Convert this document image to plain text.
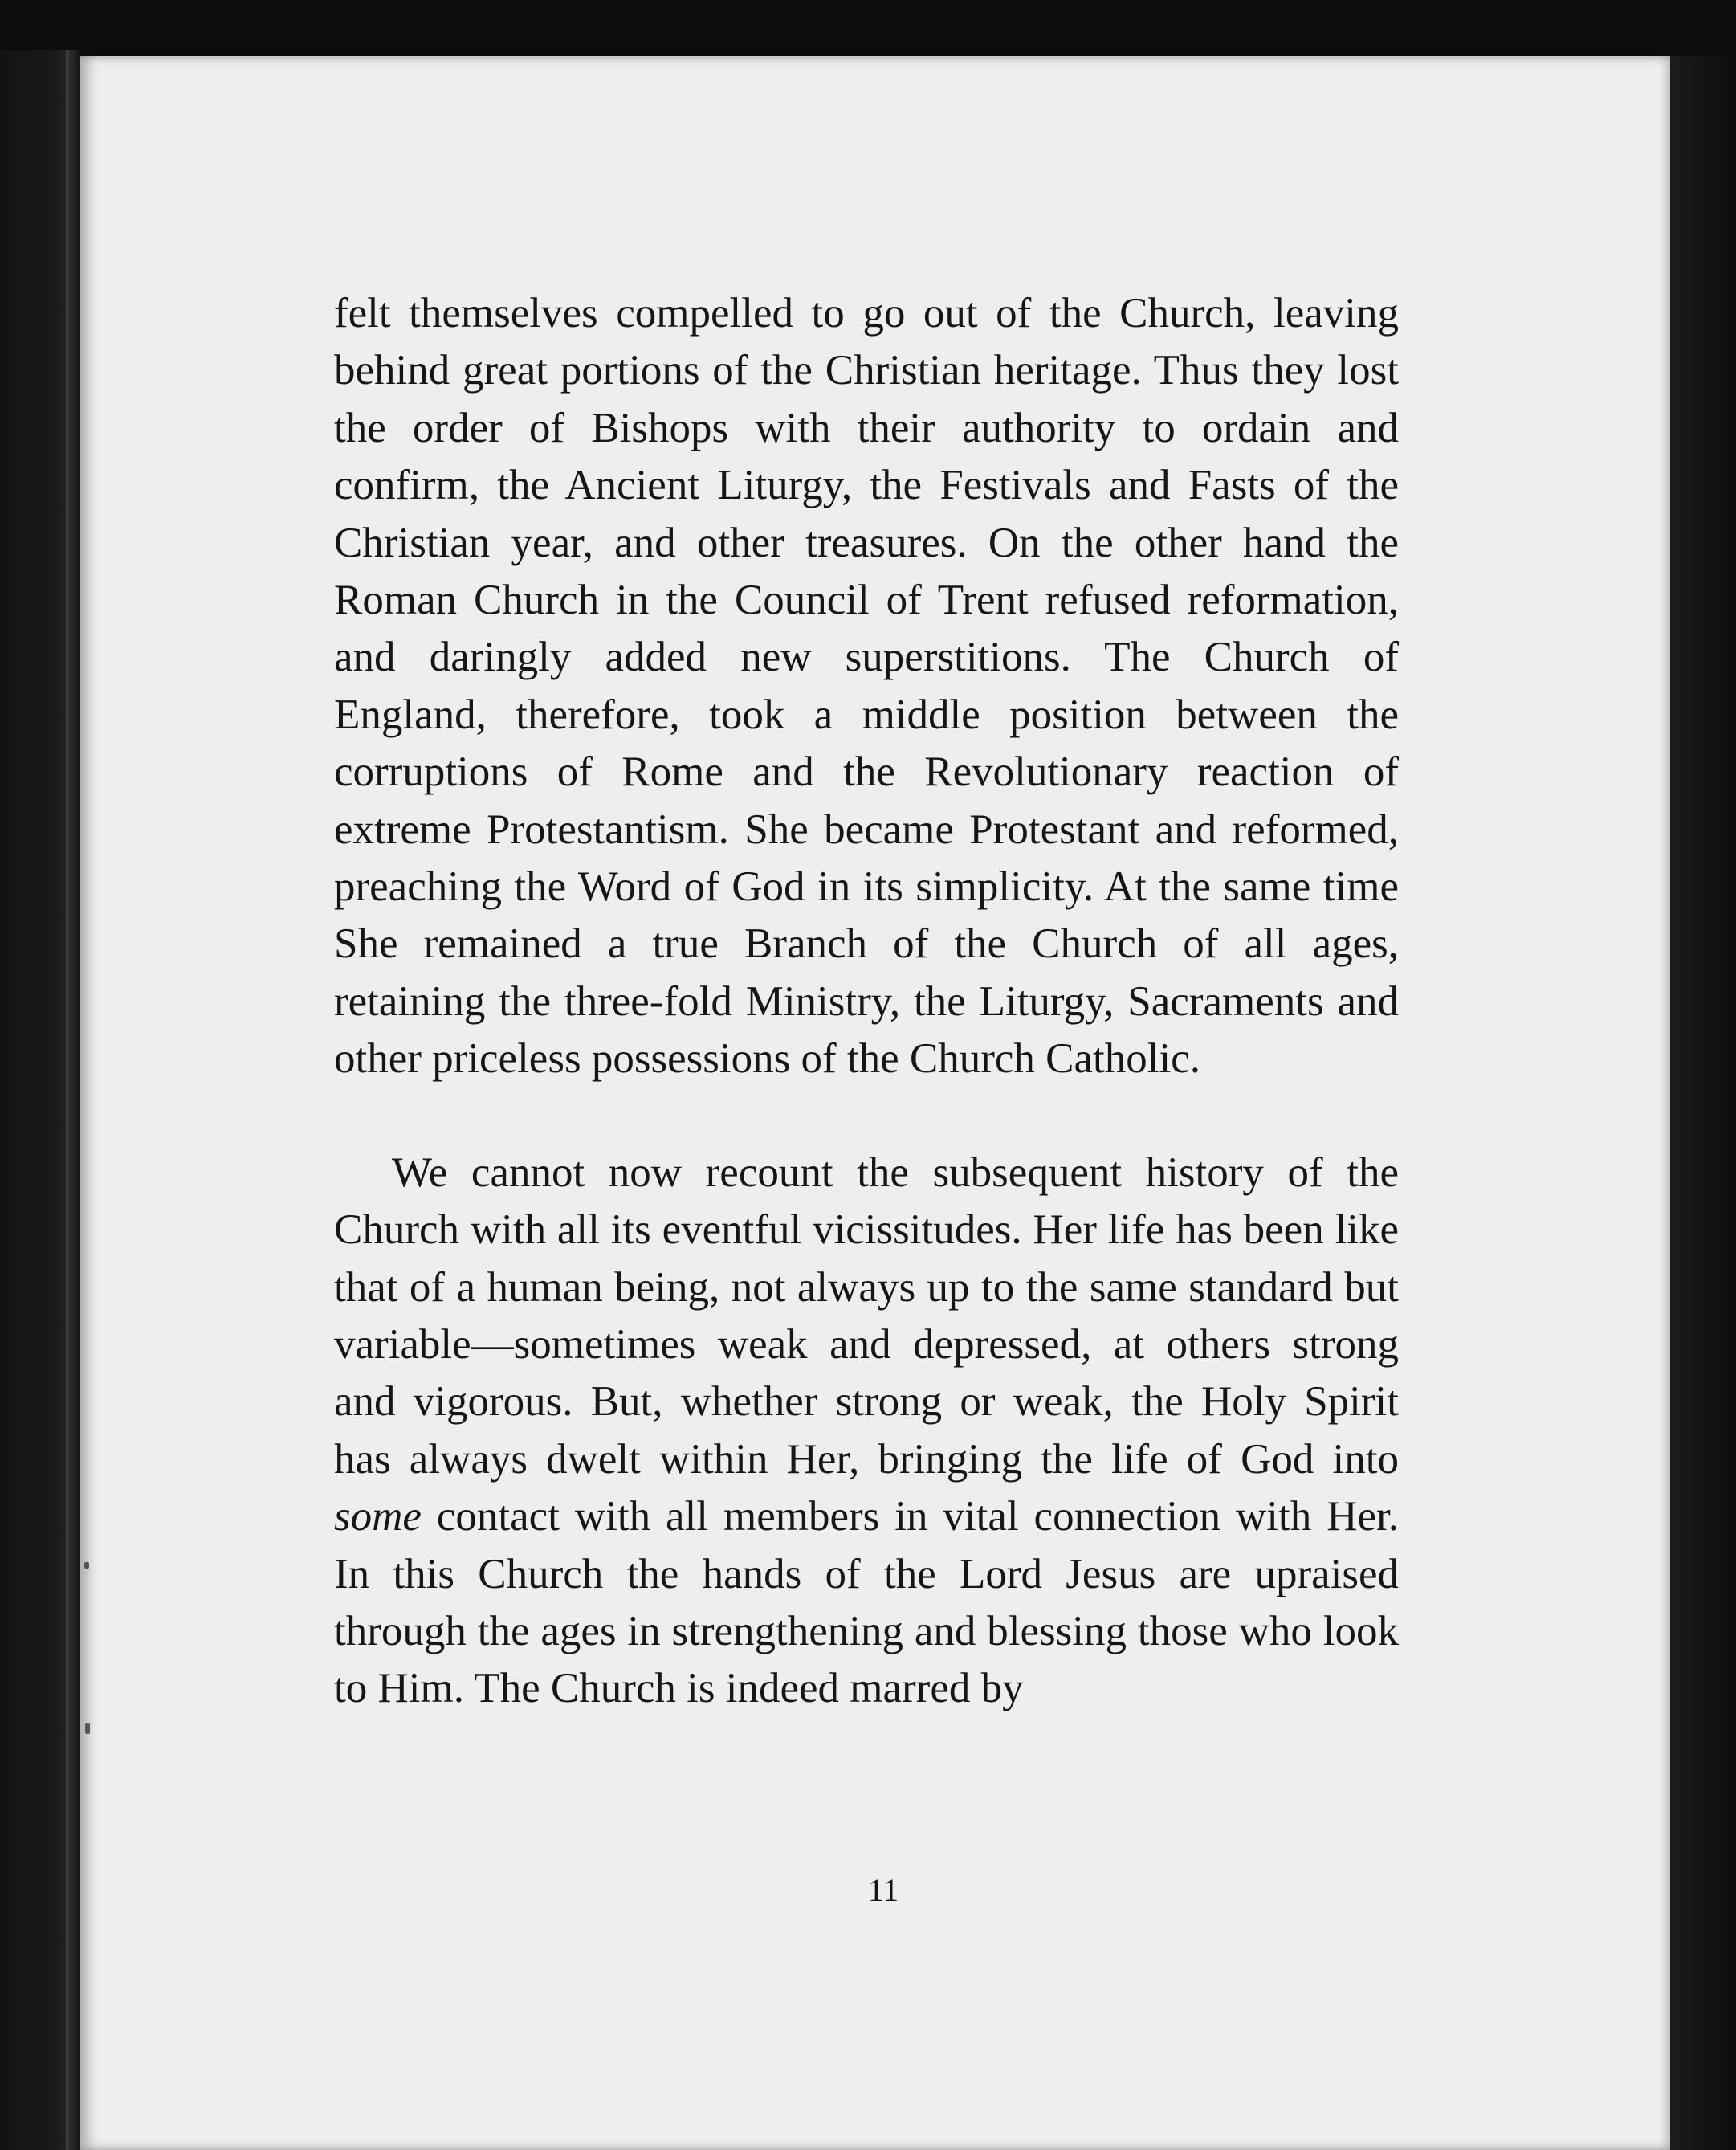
felt themselves compelled to go out of the Church, leaving behind great portions of the Christian heritage. Thus they lost the order of Bishops with their authority to ordain and confirm, the Ancient Liturgy, the Festivals and Fasts of the Christian year, and other treasures. On the other hand the Roman Church in the Council of Trent refused reformation, and daringly added new superstitions. The Church of England, therefore, took a middle position between the corruptions of Rome and the Revolutionary reaction of extreme Protestantism. She became Protestant and reformed, preaching the Word of God in its simplicity. At the same time She remained a true Branch of the Church of all ages, retaining the three-fold Ministry, the Liturgy, Sacraments and other priceless possessions of the Church Catholic.

We cannot now recount the subsequent history of the Church with all its eventful vicissitudes. Her life has been like that of a human being, not always up to the same standard but variable—sometimes weak and depressed, at others strong and vigorous. But, whether strong or weak, the Holy Spirit has always dwelt within Her, bringing the life of God into some contact with all members in vital connection with Her. In this Church the hands of the Lord Jesus are upraised through the ages in strengthening and blessing those who look to Him. The Church is indeed marred by

11
